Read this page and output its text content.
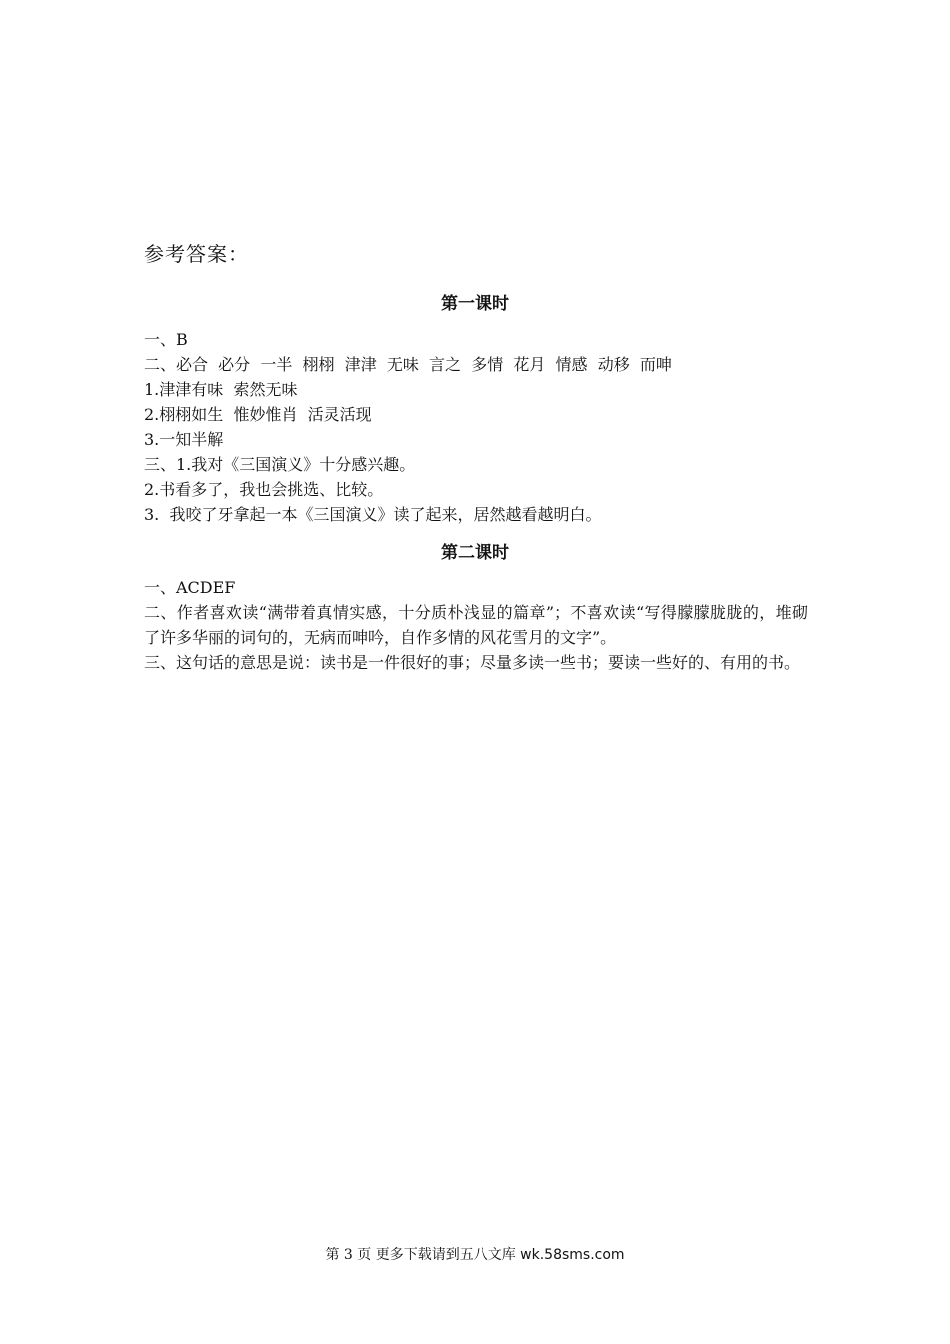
参考答案：
第一课时
一、B
二、必合  必分  一半  栩栩  津津  无味  言之  多情  花月  情感  动移  而呻
1.津津有味  索然无味
2.栩栩如生  惟妙惟肖  活灵活现
3.一知半解
三、1.我对《三国演义》十分感兴趣。
2.书看多了，我也会挑选、比较。
3.  我咬了牙拿起一本《三国演义》读了起来，居然越看越明白。
第二课时
一、ACDEF
二、作者喜欢读“满带着真情实感，十分质朴浅显的篇章”；不喜欢读“写得朦朦胧胧的，堆砌了许多华丽的词句的，无病而呻吟，自作多情的风花雪月的文字”。
三、这句话的意思是说：读书是一件很好的事；尽量多读一些书；要读一些好的、有用的书。
第 3 页 更多下载请到五八文库 wk.58sms.com
